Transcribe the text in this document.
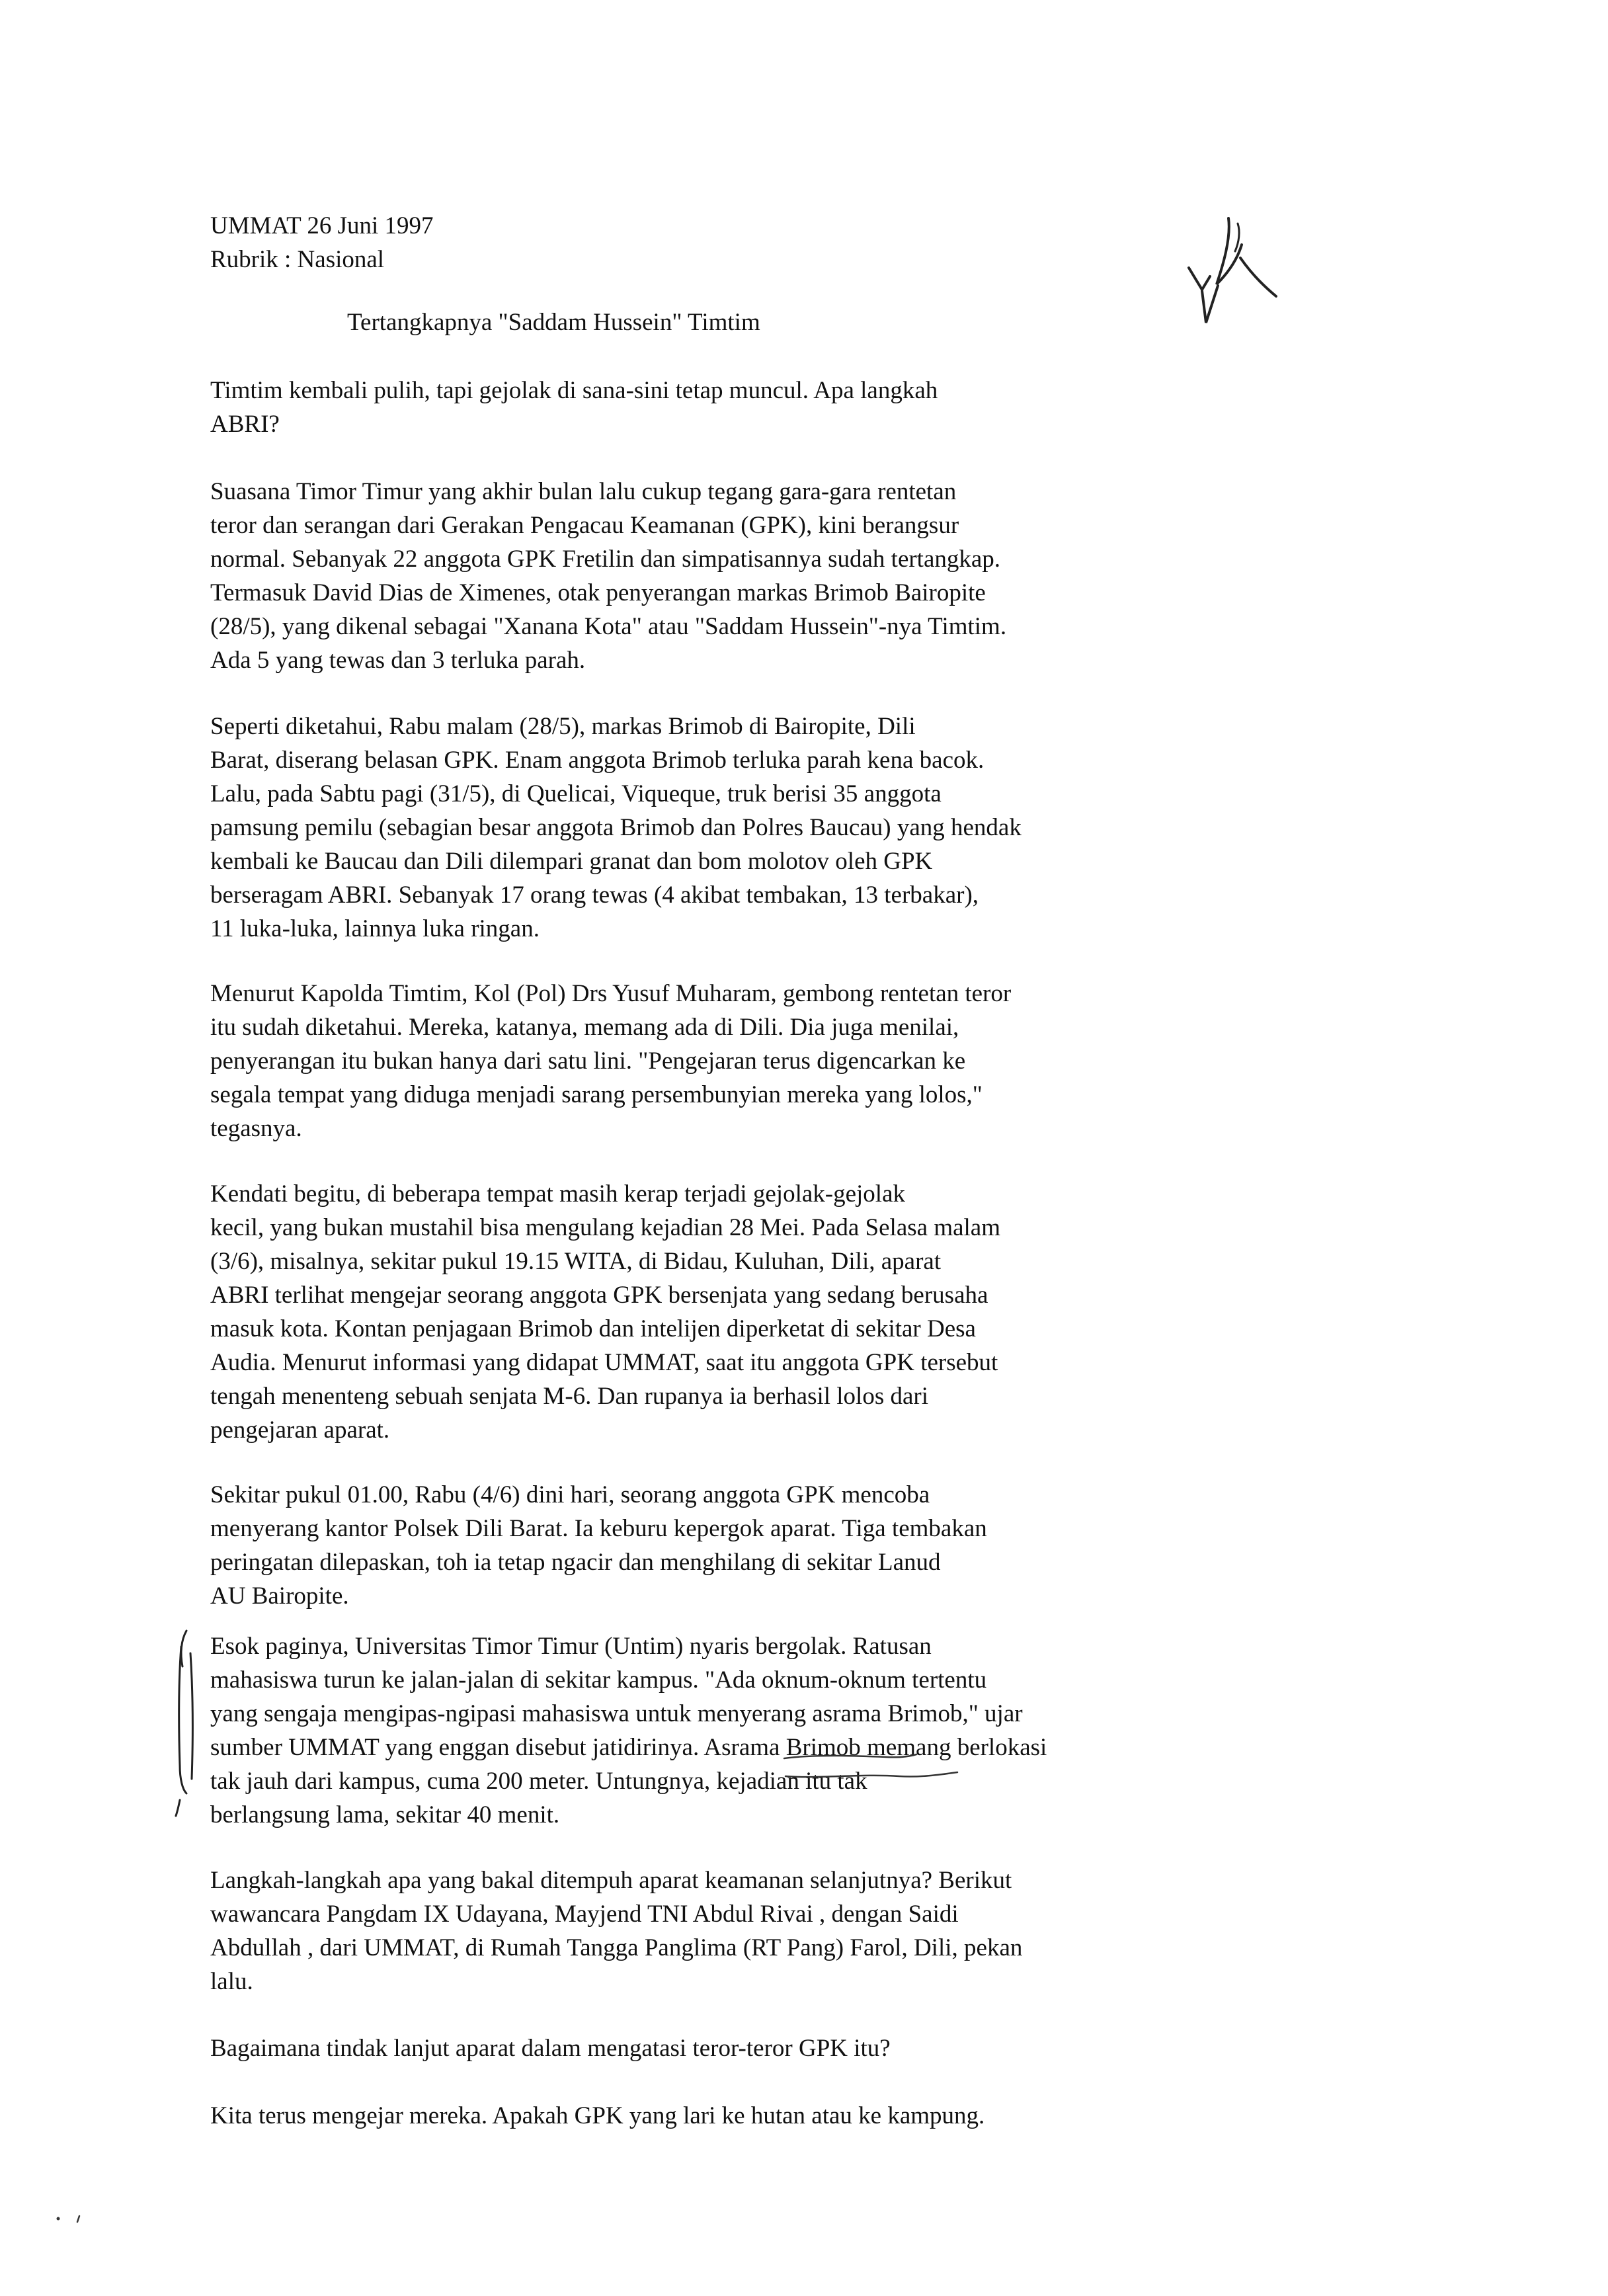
UMMAT 26 Juni 1997
Rubrik : Nasional
Tertangkapnya "Saddam Hussein" Timtim
Timtim kembali pulih, tapi gejolak di sana-sini tetap muncul. Apa langkah
ABRI?
Suasana Timor Timur yang akhir bulan lalu cukup tegang gara-gara rentetan
teror dan serangan dari Gerakan Pengacau Keamanan (GPK), kini berangsur
normal. Sebanyak 22 anggota GPK Fretilin dan simpatisannya sudah tertangkap.
Termasuk David Dias de Ximenes, otak penyerangan markas Brimob Bairopite
(28/5), yang dikenal sebagai "Xanana Kota" atau "Saddam Hussein"-nya Timtim.
Ada 5 yang tewas dan 3 terluka parah.
Seperti diketahui, Rabu malam (28/5), markas Brimob di Bairopite, Dili
Barat, diserang belasan GPK. Enam anggota Brimob terluka parah kena bacok.
Lalu, pada Sabtu pagi (31/5), di Quelicai, Viqueque, truk berisi 35 anggota
pamsung pemilu (sebagian besar anggota Brimob dan Polres Baucau) yang hendak
kembali ke Baucau dan Dili dilempari granat dan bom molotov oleh GPK
berseragam ABRI. Sebanyak 17 orang tewas (4 akibat tembakan, 13 terbakar),
11 luka-luka, lainnya luka ringan.
Menurut Kapolda Timtim, Kol (Pol) Drs Yusuf Muharam, gembong rentetan teror
itu sudah diketahui. Mereka, katanya, memang ada di Dili. Dia juga menilai,
penyerangan itu bukan hanya dari satu lini. "Pengejaran terus digencarkan ke
segala tempat yang diduga menjadi sarang persembunyian mereka yang lolos,"
tegasnya.
Kendati begitu, di beberapa tempat masih kerap terjadi gejolak-gejolak
kecil, yang bukan mustahil bisa mengulang kejadian 28 Mei. Pada Selasa malam
(3/6), misalnya, sekitar pukul 19.15 WITA, di Bidau, Kuluhan, Dili, aparat
ABRI terlihat mengejar seorang anggota GPK bersenjata yang sedang berusaha
masuk kota. Kontan penjagaan Brimob dan intelijen diperketat di sekitar Desa
Audia. Menurut informasi yang didapat UMMAT, saat itu anggota GPK tersebut
tengah menenteng sebuah senjata M-6. Dan rupanya ia berhasil lolos dari
pengejaran aparat.
Sekitar pukul 01.00, Rabu (4/6) dini hari, seorang anggota GPK mencoba
menyerang kantor Polsek Dili Barat. Ia keburu kepergok aparat. Tiga tembakan
peringatan dilepaskan, toh ia tetap ngacir dan menghilang di sekitar Lanud
AU Bairopite.
Esok paginya, Universitas Timor Timur (Untim) nyaris bergolak. Ratusan
mahasiswa turun ke jalan-jalan di sekitar kampus. "Ada oknum-oknum tertentu
yang sengaja mengipas-ngipasi mahasiswa untuk menyerang asrama Brimob," ujar
sumber UMMAT yang enggan disebut jatidirinya. Asrama Brimob memang berlokasi
tak jauh dari kampus, cuma 200 meter. Untungnya, kejadian itu tak
berlangsung lama, sekitar 40 menit.
Langkah-langkah apa yang bakal ditempuh aparat keamanan selanjutnya? Berikut
wawancara Pangdam IX Udayana, Mayjend TNI Abdul Rivai , dengan Saidi
Abdullah , dari UMMAT, di Rumah Tangga Panglima (RT Pang) Farol, Dili, pekan
lalu.
Bagaimana tindak lanjut aparat dalam mengatasi teror-teror GPK itu?
Kita terus mengejar mereka. Apakah GPK yang lari ke hutan atau ke kampung.
